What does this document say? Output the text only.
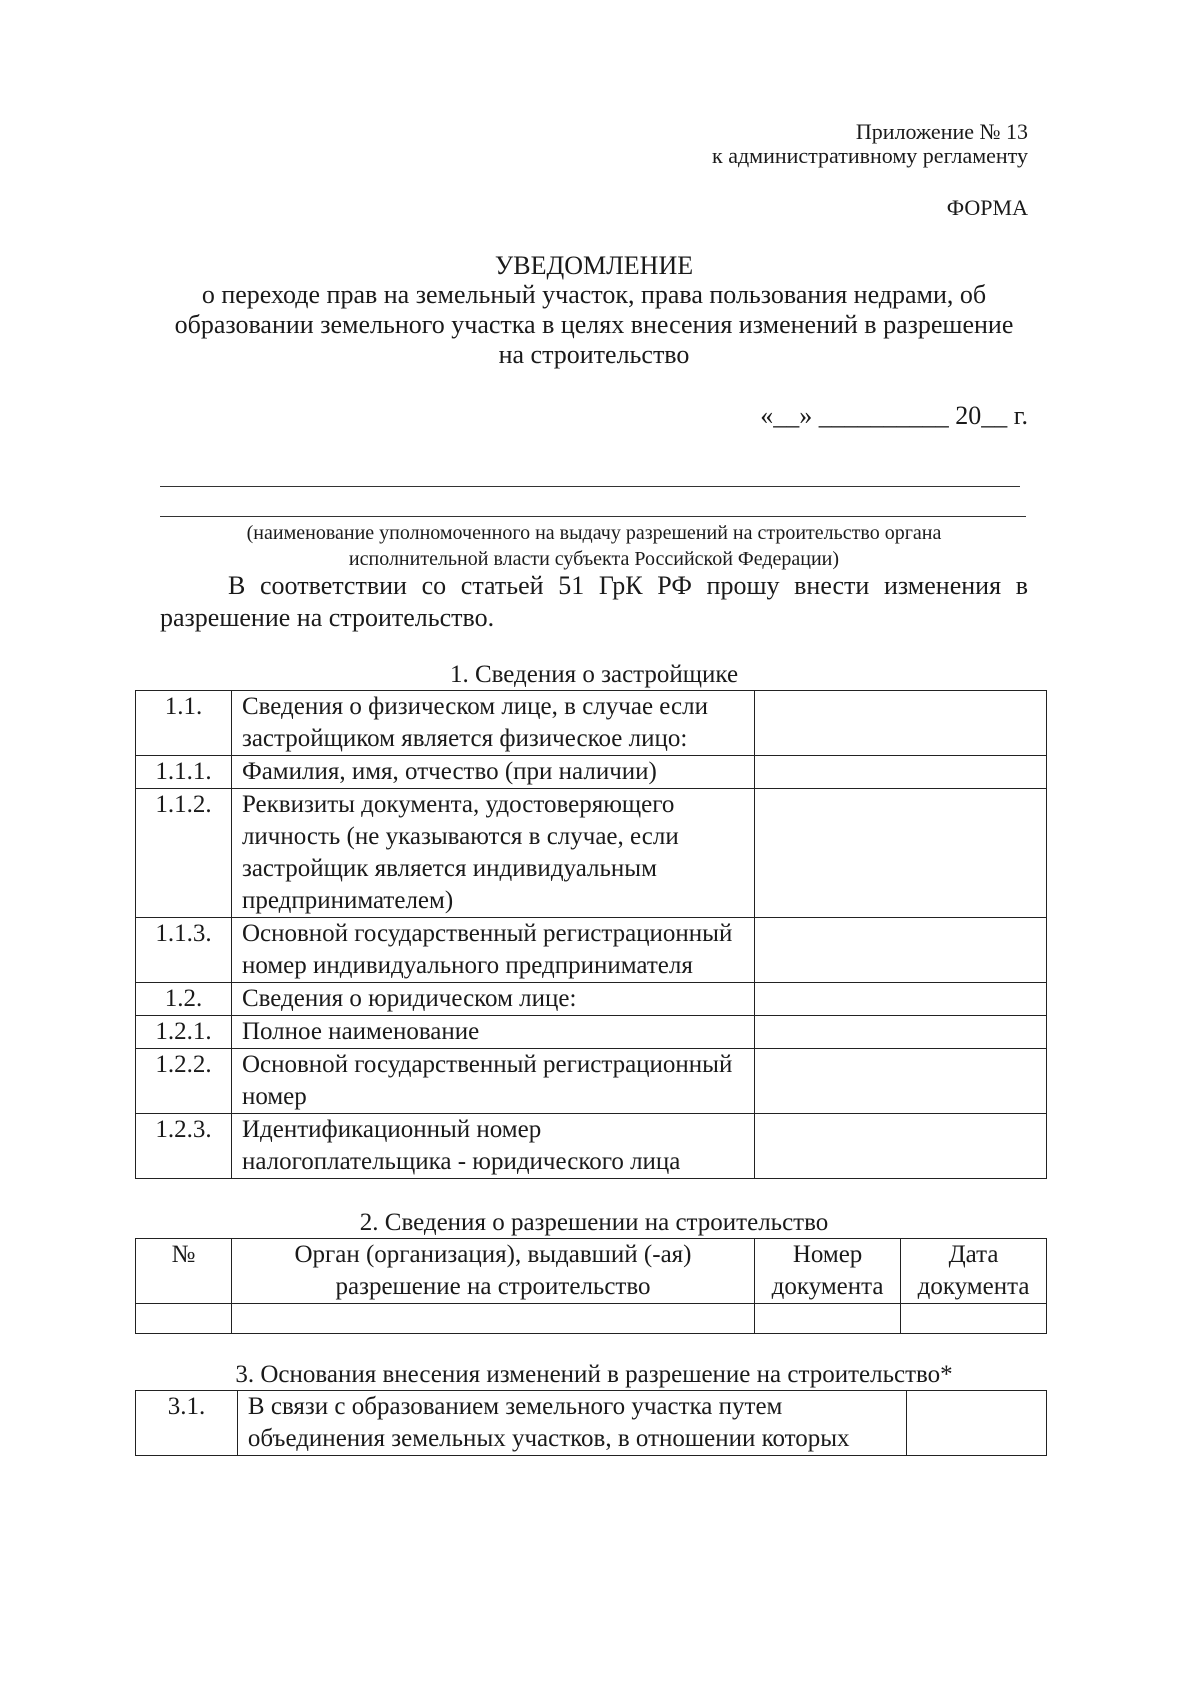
Приложение № 13
к административному регламенту
ФОРМА
УВЕДОМЛЕНИЕ
о переходе прав на земельный участок, права пользования недрами, об
образовании земельного участка в целях внесения изменений в разрешение
на строительство
«__» __________ 20__ г.
(наименование уполномоченного на выдачу разрешений на строительство органа
исполнительной власти субъекта Российской Федерации)
В соответствии со статьей 51 ГрК РФ прошу внести изменения в
разрешение на строительство.
1. Сведения о застройщике
1.1.	Сведения о физическом лице, в случае если застройщиком является физическое лицо:	
1.1.1.	Фамилия, имя, отчество (при наличии)	
1.1.2.	Реквизиты документа, удостоверяющего личность (не указываются в случае, если застройщик является индивидуальным предпринимателем)	
1.1.3.	Основной государственный регистрационный номер индивидуального предпринимателя	
1.2.	Сведения о юридическом лице:	
1.2.1.	Полное наименование	
1.2.2.	Основной государственный регистрационный номер	
1.2.3.	Идентификационный номер налогоплательщика - юридического лица	
2. Сведения о разрешении на строительство
№	Орган (организация), выдавший (-ая) разрешение на строительство	Номер документа	Дата документа

3. Основания внесения изменений в разрешение на строительство*
3.1.	В связи с образованием земельного участка путем объединения земельных участков, в отношении которых	
